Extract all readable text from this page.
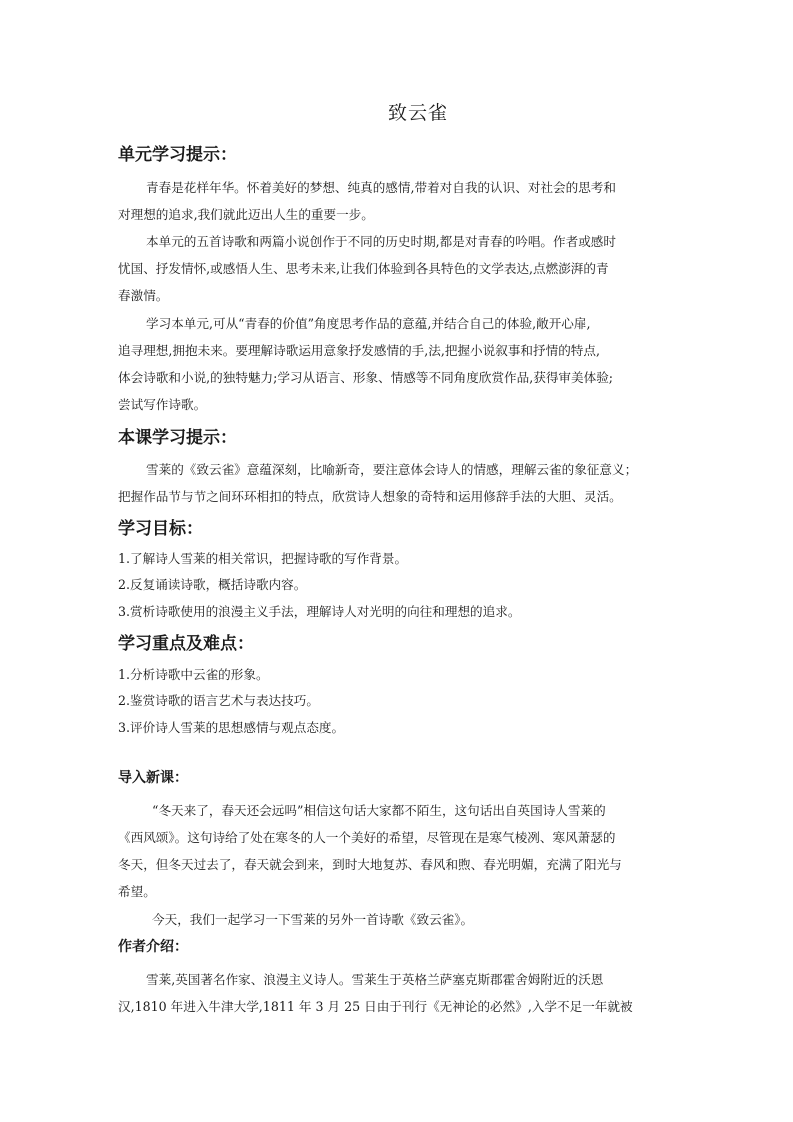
致云雀
单元学习提示：
青春是花样年华。怀着美好的梦想、纯真的感情,带着对自我的认识、对社会的思考和
对理想的追求,我们就此迈出人生的重要一步。
本单元的五首诗歌和两篇小说创作于不同的历史时期,都是对青春的吟唱。作者或感时
忧国、抒发情怀,或感悟人生、思考未来,让我们体验到各具特色的文学表达,点燃澎湃的青
春激情。
学习本单元,可从“青春的价值”角度思考作品的意蕴,并结合自己的体验,敞开心扉,
追寻理想,拥抱未来。要理解诗歌运用意象抒发感情的手,法,把握小说叙事和抒情的特点,
体会诗歌和小说,的独特魅力;学习从语言、形象、情感等不同角度欣赏作品,获得审美体验;
尝试写作诗歌。
本课学习提示：
雪莱的《致云雀》意蕴深刻，比喻新奇，要注意体会诗人的情感，理解云雀的象征意义；
把握作品节与节之间环环相扣的特点，欣赏诗人想象的奇特和运用修辞手法的大胆、灵活。
学习目标：
1.了解诗人雪莱的相关常识，把握诗歌的写作背景。
2.反复诵读诗歌，概括诗歌内容。
3.赏析诗歌使用的浪漫主义手法，理解诗人对光明的向往和理想的追求。
学习重点及难点：
1.分析诗歌中云雀的形象。
2.鉴赏诗歌的语言艺术与表达技巧。
3.评价诗人雪莱的思想感情与观点态度。
导入新课：
“冬天来了，春天还会远吗”相信这句话大家都不陌生，这句话出自英国诗人雪莱的
《西风颂》。这句诗给了处在寒冬的人一个美好的希望，尽管现在是寒气棱冽、寒风萧瑟的
冬天，但冬天过去了，春天就会到来，到时大地复苏、春风和煦、春光明媚，充满了阳光与
希望。
今天，我们一起学习一下雪莱的另外一首诗歌《致云雀》。
作者介绍：
雪莱,英国著名作家、浪漫主义诗人。雪莱生于英格兰萨塞克斯郡霍舍姆附近的沃恩
汉,1810 年进入牛津大学,1811 年 3 月 25 日由于刊行《无神论的必然》,入学不足一年就被
